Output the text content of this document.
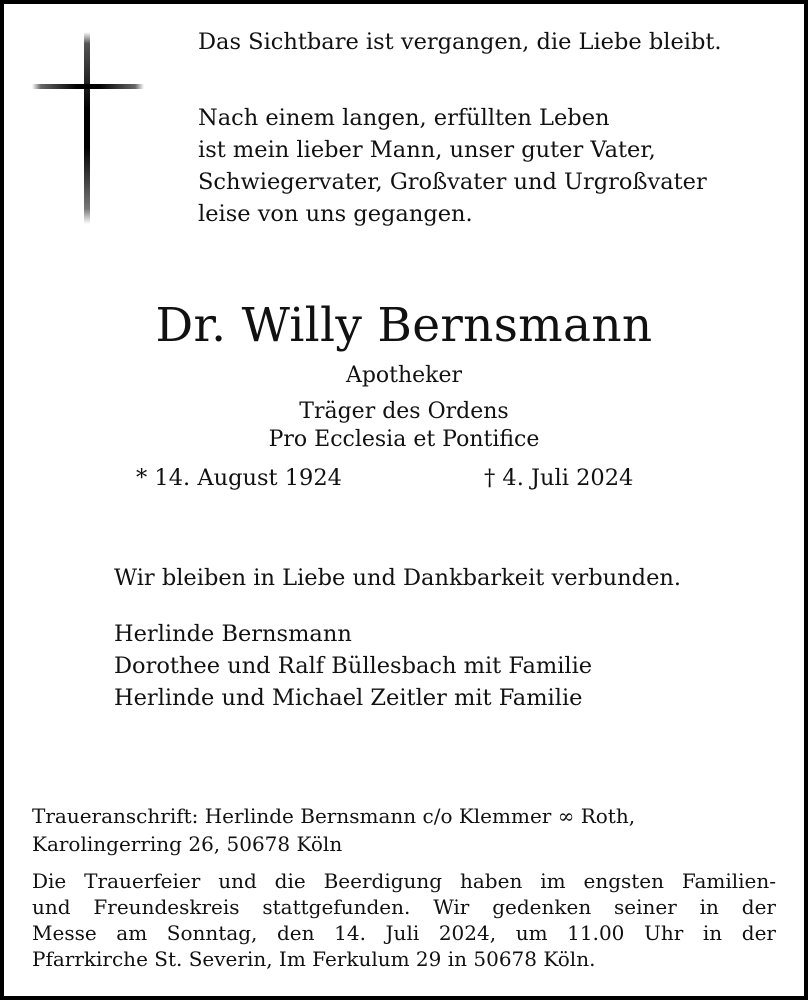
Das Sichtbare ist vergangen, die Liebe bleibt.
Nach einem langen, erfüllten Leben
ist mein lieber Mann, unser guter Vater,
Schwiegervater, Großvater und Urgroßvater
leise von uns gegangen.
Dr. Willy Bernsmann
Apotheker
Träger des Ordens
Pro Ecclesia et Pontifice
* 14. August 1924	† 4. Juli 2024
Wir bleiben in Liebe und Dankbarkeit verbunden.
Herlinde Bernsmann
Dorothee und Ralf Büllesbach mit Familie
Herlinde und Michael Zeitler mit Familie
Traueranschrift: Herlinde Bernsmann c/o Klemmer ∞ Roth,
Karolingerring 26, 50678 Köln
Die Trauerfeier und die Beerdigung haben im engsten Familien-
und Freundeskreis stattgefunden. Wir gedenken seiner in der
Messe am Sonntag, den 14. Juli 2024, um 11.00 Uhr in der
Pfarrkirche St. Severin, Im Ferkulum 29 in 50678 Köln.
